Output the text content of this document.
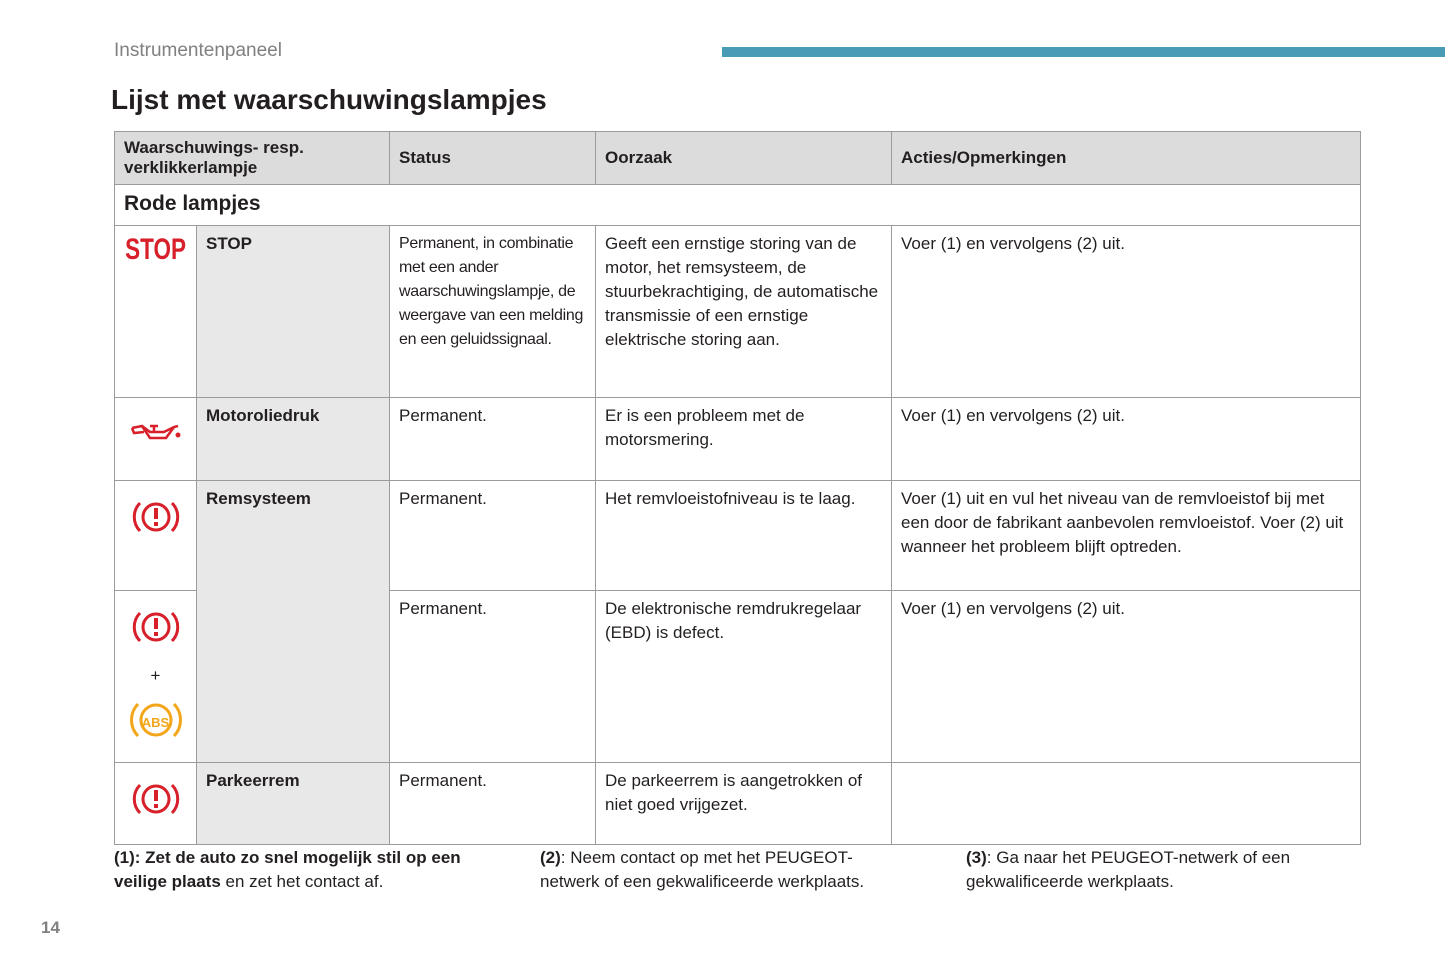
Instrumentenpaneel
Lijst met waarschuwingslampjes
Waarschuwings- resp. verklikkerlampje		Status	Oorzaak	Acties/Opmerkingen
Rode lampjes				
STOP	STOP	Permanent, in combinatie met een ander waarschuwingslampje, de weergave van een melding en een geluidssignaal.	Geeft een ernstige storing van de motor, het remsysteem, de stuurbekrachtiging, de automatische transmissie of een ernstige elektrische storing aan.	Voer (1) en vervolgens (2) uit.
	Motoroliedruk	Permanent.	Er is een probleem met de motorsmering.	Voer (1) en vervolgens (2) uit.
	Remsysteem	Permanent.	Het remvloeistofniveau is te laag.	Voer (1) uit en vul het niveau van de remvloeistof bij met een door de fabrikant aanbevolen remvloeistof. Voer (2) uit wanneer het probleem blijft optreden.

+
ABS		Permanent.	De elektronische remdrukregelaar (EBD) is defect.	Voer (1) en vervolgens (2) uit.
	Parkeerrem	Permanent.	De parkeerrem is aangetrokken of niet goed vrijgezet.	
(1): Zet de auto zo snel mogelijk stil op een veilige plaats en zet het contact af.
(2): Neem contact op met het PEUGEOT-netwerk of een gekwalificeerde werkplaats.
(3): Ga naar het PEUGEOT-netwerk of een gekwalificeerde werkplaats.
14
